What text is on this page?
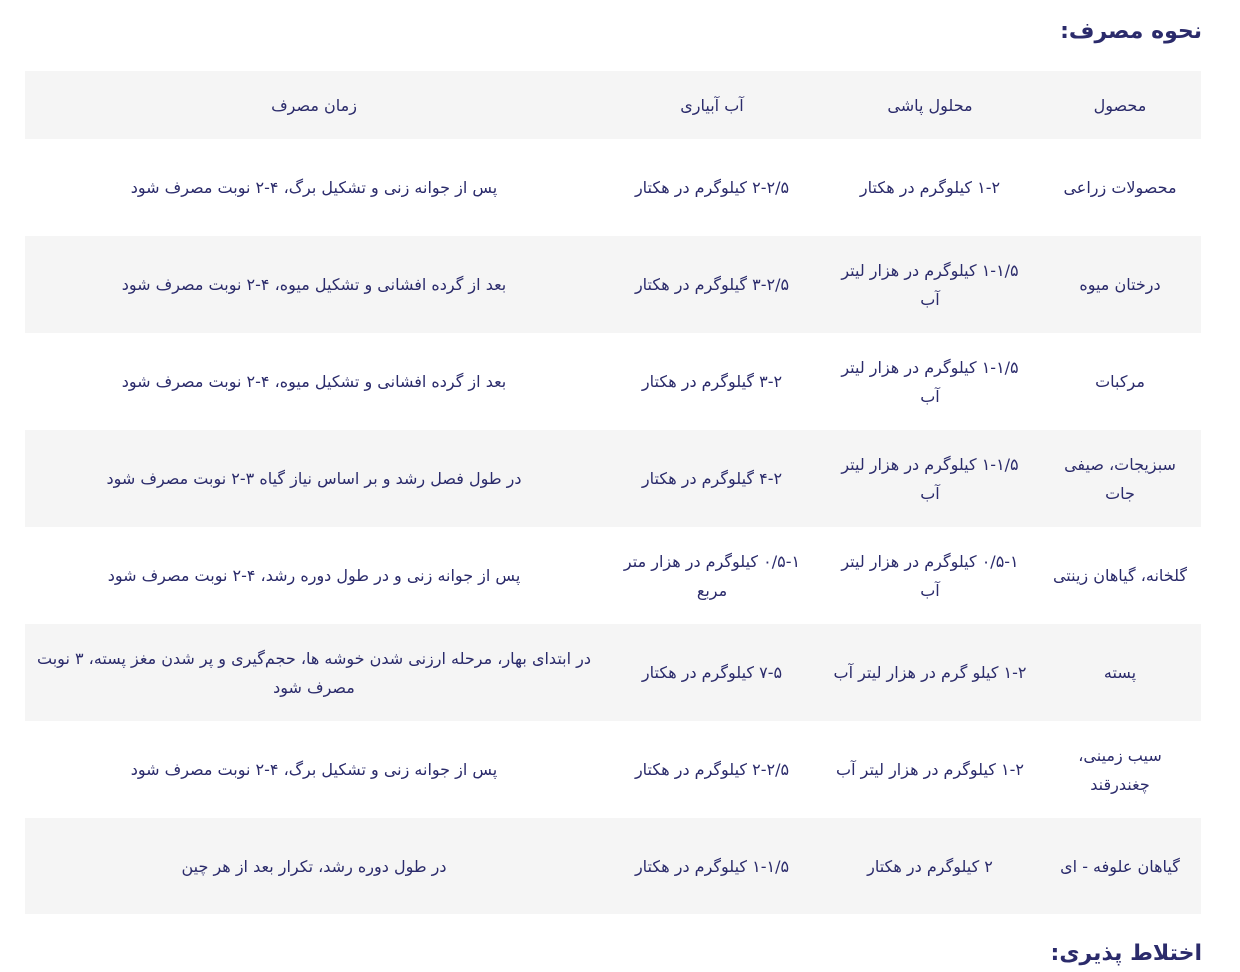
نحوه مصرف:
محصول	محلول پاشی	آب آبیاری	زمان مصرف
محصولات زراعی	۱-۲ کیلوگرم در هکتار	۲-۲/۵ کیلوگرم در هکتار	پس از جوانه زنی و تشکیل برگ، ۴-۲ نوبت مصرف شود
درختان میوه	۱-۱/۵ کیلوگرم در هزار لیتر آب	۳-۲/۵ گیلوگرم در هکتار	بعد از گرده افشانی و تشکیل میوه، ۴-۲ نوبت مصرف شود
مرکبات	۱-۱/۵ کیلوگرم در هزار لیتر آب	۳-۲ گیلوگرم در هکتار	بعد از گرده افشانی و تشکیل میوه، ۴-۲ نوبت مصرف شود
سبزیجات، صیفی جات	۱-۱/۵ کیلوگرم در هزار لیتر آب	۴-۲ گیلوگرم در هکتار	در طول فصل رشد و بر اساس نیاز گیاه ۳-۲ نوبت مصرف شود
گلخانه، گیاهان زینتی	۰/۵-۱ کیلوگرم در هزار لیتر آب	۰/۵-۱ کیلوگرم در هزار متر مربع	پس از جوانه زنی و در طول دوره رشد، ۴-۲ نوبت مصرف شود
پسته	۱-۲ کیلو گرم در هزار لیتر آب	۷-۵ کیلوگرم در هکتار	در ابتدای بهار، مرحله ارزنی شدن خوشه ها، حجم‌گیری و پر شدن مغز پسته، ۳ نوبت مصرف شود
سیب زمینی، چغندرقند	۱-۲ کیلوگرم در هزار لیتر آب	۲-۲/۵ کیلوگرم در هکتار	پس از جوانه زنی و تشکیل برگ، ۴-۲ نوبت مصرف شود
گیاهان علوفه - ای	۲ کیلوگرم در هکتار	۱-۱/۵ کیلوگرم در هکتار	در طول دوره رشد، تکرار بعد از هر چین
اختلاط پذیری:
